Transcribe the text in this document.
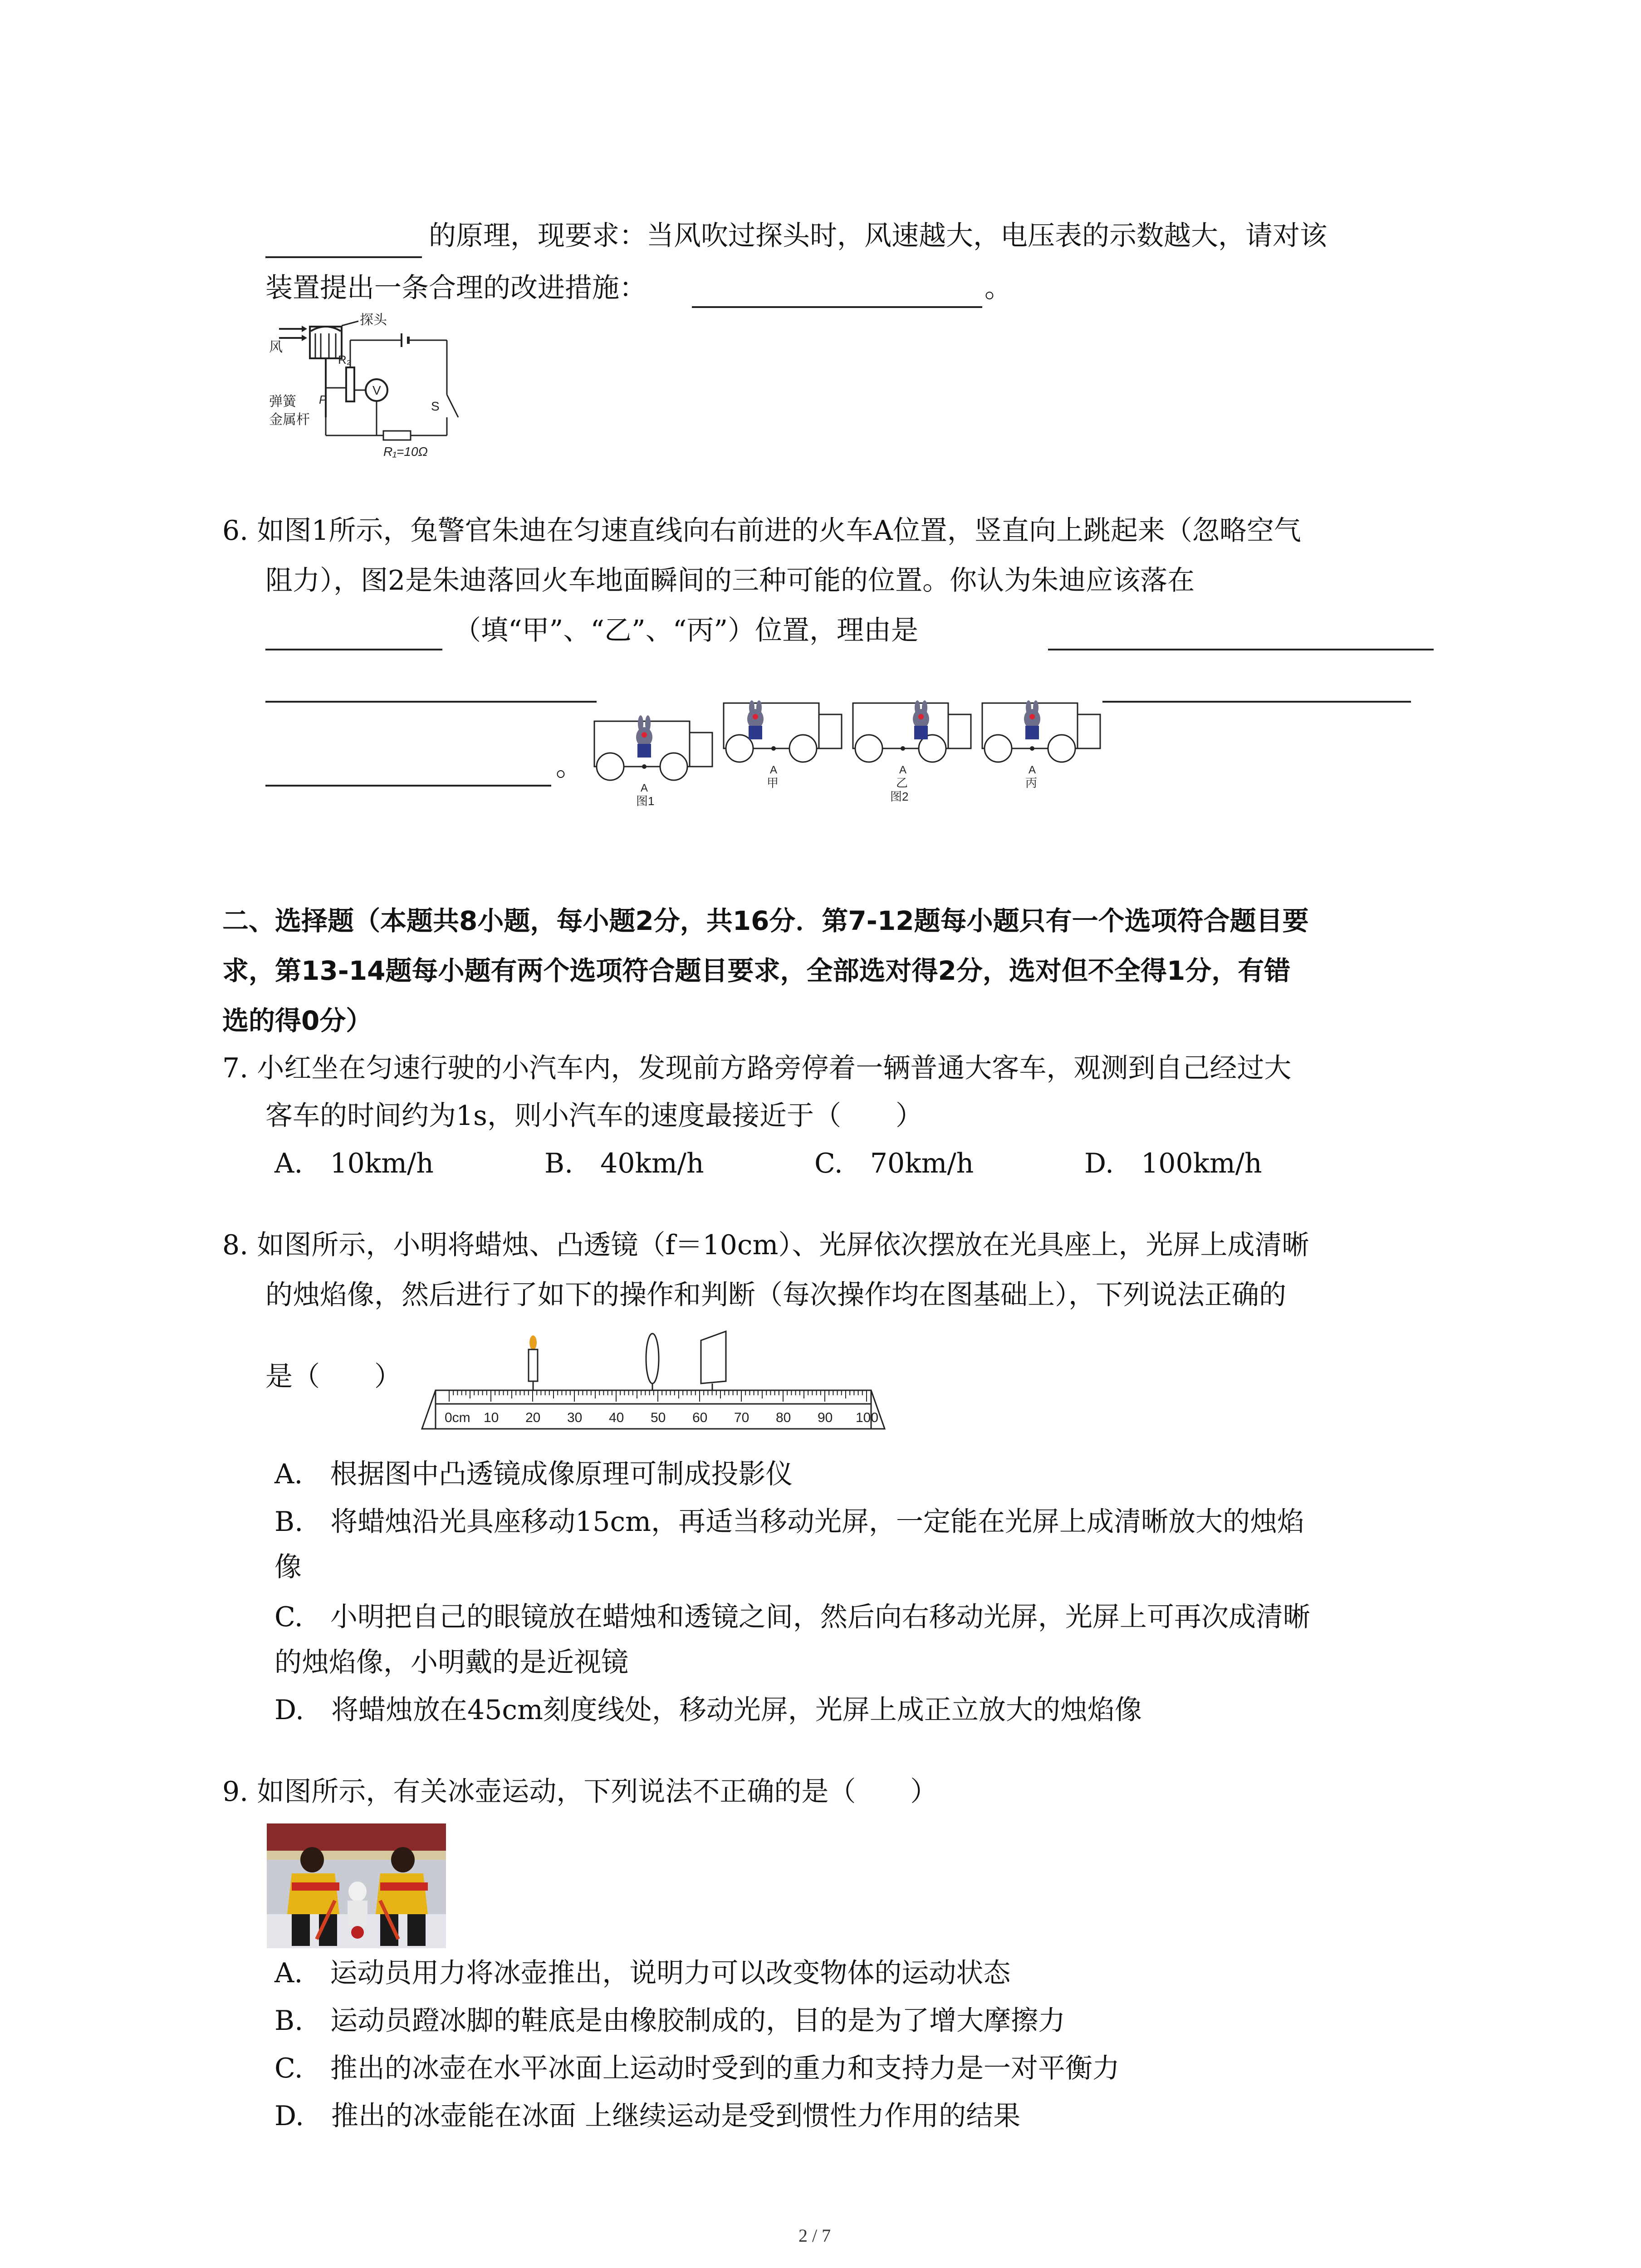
的原理，现要求：当风吹过探头时，风速越大，电压表的示数越大，请对该
装置提出一条合理的改进措施：	。
风
探头
R₂
P
V
S
R₁=10Ω
弹簧
金属杆
6. 如图1所示，兔警官朱迪在匀速直线向右前进的火车A位置，竖直向上跳起来（忽略空气
阻力），图2是朱迪落回火车地面瞬间的三种可能的位置。你认为朱迪应该落在
（填“甲”、“乙”、“丙”）位置，理由是
。
A
图1
A
甲
A
乙
图2
A
丙
二、选择题（本题共8小题，每小题2分，共16分．第7-12题每小题只有一个选项符合题目要
求，第13-14题每小题有两个选项符合题目要求，全部选对得2分，选对但不全得1分，有错
选的得0分）
7. 小红坐在匀速行驶的小汽车内，发现前方路旁停着一辆普通大客车，观测到自己经过大
客车的时间约为1s，则小汽车的速度最接近于（　　）
A.　10km/h	B.　40km/h	C.　70km/h	D.　100km/h
8. 如图所示，小明将蜡烛、凸透镜（f＝10cm）、光屏依次摆放在光具座上，光屏上成清晰
的烛焰像，然后进行了如下的操作和判断（每次操作均在图基础上），下列说法正确的
是（　　）
0cm 10 20 30 40 50 60 70 80 90 100
A.　根据图中凸透镜成像原理可制成投影仪
B.　将蜡烛沿光具座移动15cm，再适当移动光屏，一定能在光屏上成清晰放大的烛焰
像
C.　小明把自己的眼镜放在蜡烛和透镜之间，然后向右移动光屏，光屏上可再次成清晰
的烛焰像，小明戴的是近视镜
D.　将蜡烛放在45cm刻度线处，移动光屏，光屏上成正立放大的烛焰像
9. 如图所示，有关冰壶运动，下列说法不正确的是（　　）
A.　运动员用力将冰壶推出，说明力可以改变物体的运动状态
B.　运动员蹬冰脚的鞋底是由橡胶制成的，目的是为了增大摩擦力
C.　推出的冰壶在水平冰面上运动时受到的重力和支持力是一对平衡力
D.　推出的冰壶能在冰面 上继续运动是受到惯性力作用的结果
2 / 7
